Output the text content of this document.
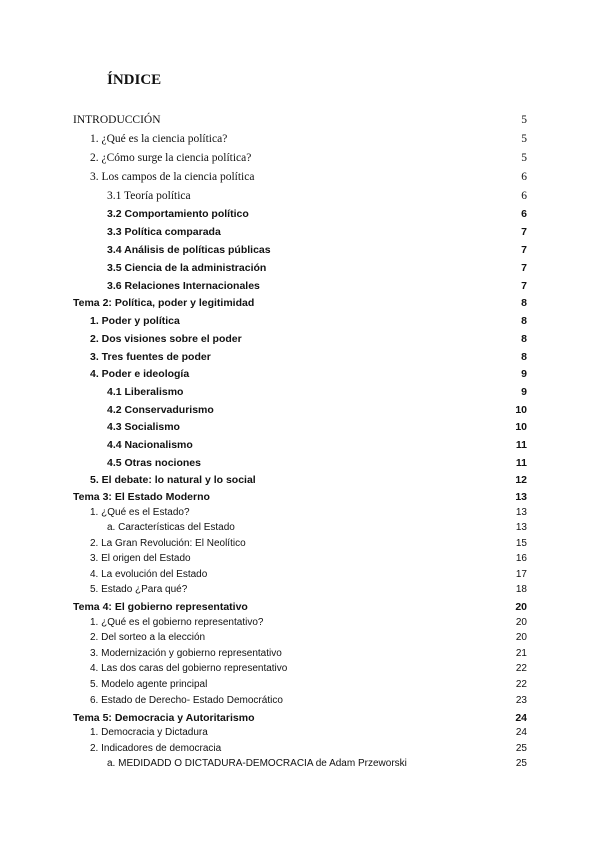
ÍNDICE
INTRODUCCIÓN	5
1. ¿Qué es la ciencia política?	5
2. ¿Cómo surge la ciencia política?	5
3. Los campos de la ciencia política	6
3.1 Teoría política	6
3.2 Comportamiento político	6
3.3 Política comparada	7
3.4 Análisis de políticas públicas	7
3.5 Ciencia de la administración	7
3.6 Relaciones Internacionales	7
Tema 2: Política, poder y legitimidad	8
1. Poder y política	8
2. Dos visiones sobre el poder	8
3. Tres fuentes de poder	8
4. Poder e ideología	9
4.1 Liberalismo	9
4.2 Conservadurismo	10
4.3 Socialismo	10
4.4 Nacionalismo	11
4.5 Otras nociones	11
5. El debate: lo natural y lo social	12
Tema 3: El Estado Moderno	13
1. ¿Qué es el Estado?	13
a. Características del Estado	13
2. La Gran Revolución: El Neolítico	15
3. El origen del Estado	16
4. La evolución del Estado	17
5. Estado ¿Para qué?	18
Tema 4: El gobierno representativo	20
1. ¿Qué es el gobierno representativo?	20
2. Del sorteo a la elección	20
3. Modernización y gobierno representativo	21
4. Las dos caras del gobierno representativo	22
5. Modelo agente principal	22
6. Estado de Derecho- Estado Democrático	23
Tema 5: Democracia y Autoritarismo	24
1. Democracia y Dictadura	24
2. Indicadores de democracia	25
a. MEDIDADD O DICTADURA-DEMOCRACIA de Adam Przeworski	25
